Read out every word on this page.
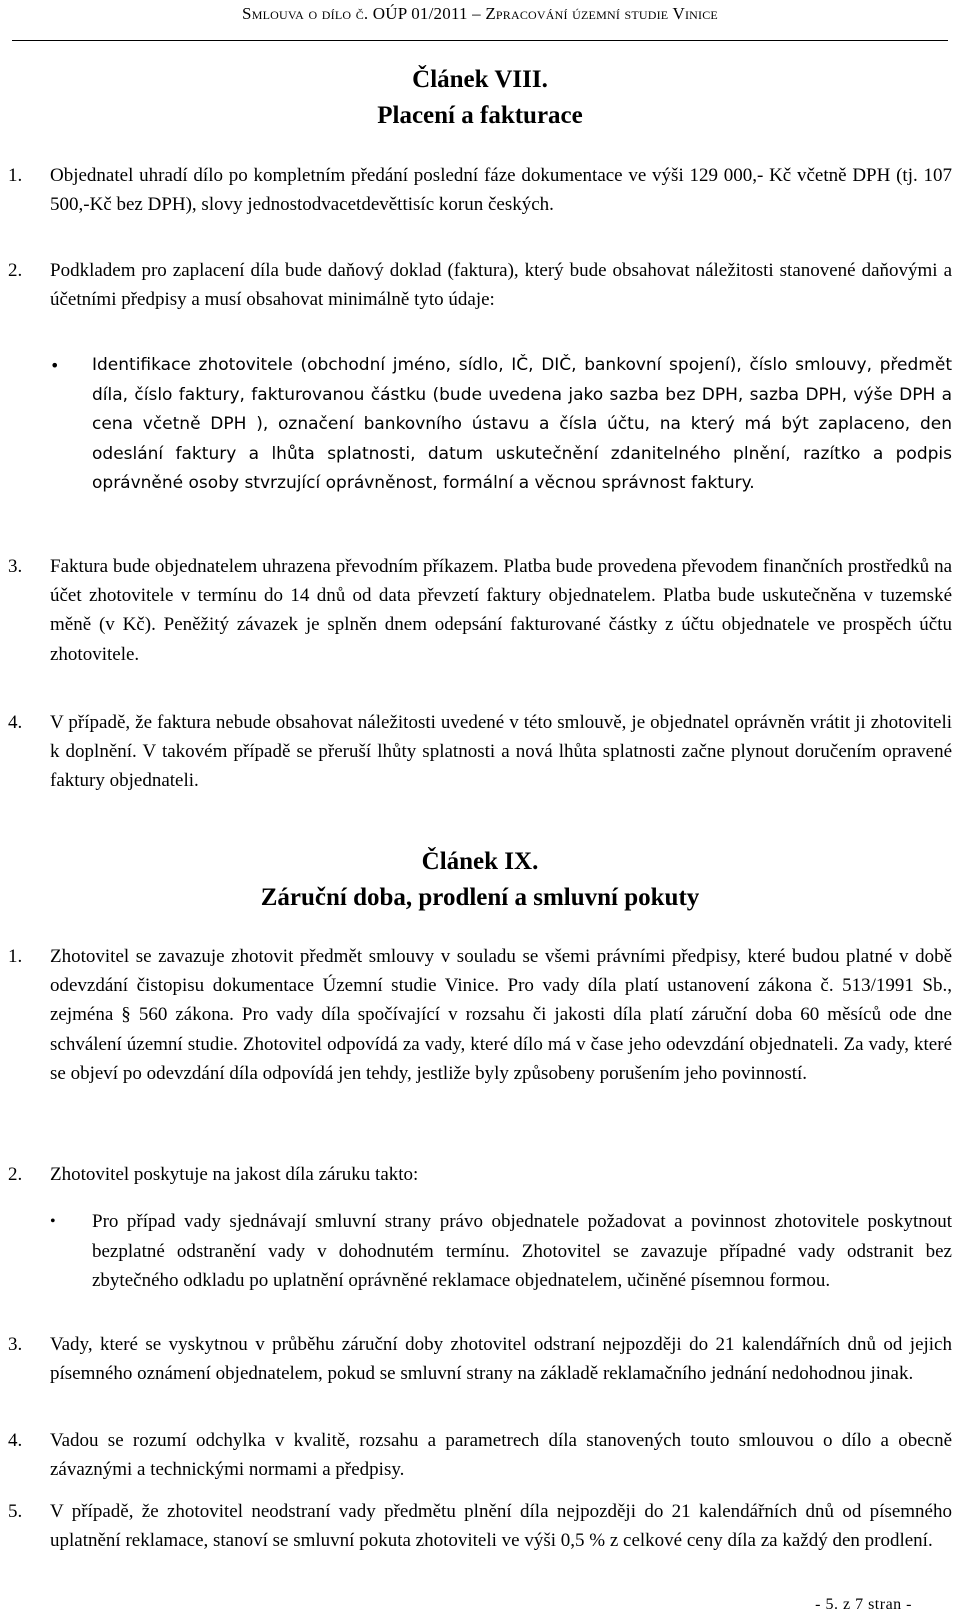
Smlouva o dílo č. OÚP 01/2011 – Zpracování územní studie Vinice
Článek VIII.
Placení a fakturace
1. Objednatel uhradí dílo po kompletním předání poslední fáze dokumentace ve výši 129 000,- Kč včetně DPH (tj. 107 500,-Kč bez DPH), slovy jednostodvacetdevěttisíc korun českých.
2. Podkladem pro zaplacení díla bude daňový doklad (faktura), který bude obsahovat náležitosti stanovené daňovými a účetními předpisy a musí obsahovat minimálně tyto údaje:
• Identifikace zhotovitele (obchodní jméno, sídlo, IČ, DIČ, bankovní spojení), číslo smlouvy, předmět díla, číslo faktury, fakturovanou částku (bude uvedena jako sazba bez DPH, sazba DPH, výše DPH a cena včetně DPH ), označení bankovního ústavu a čísla účtu, na který má být zaplaceno, den odeslání faktury a lhůta splatnosti, datum uskutečnění zdanitelného plnění, razítko a podpis oprávněné osoby stvrzující oprávněnost, formální a věcnou správnost faktury.
3. Faktura bude objednatelem uhrazena převodním příkazem. Platba bude provedena převodem finančních prostředků na účet zhotovitele v termínu do 14 dnů od data převzetí faktury objednatelem. Platba bude uskutečněna v tuzemské měně (v Kč). Peněžitý závazek je splněn dnem odepsání fakturované částky z účtu objednatele ve prospěch účtu zhotovitele.
4. V případě, že faktura nebude obsahovat náležitosti uvedené v této smlouvě, je objednatel oprávněn vrátit ji zhotoviteli k doplnění. V takovém případě se přeruší lhůty splatnosti a nová lhůta splatnosti začne plynout doručením opravené faktury objednateli.
Článek IX.
Záruční doba, prodlení a smluvní pokuty
1. Zhotovitel se zavazuje zhotovit předmět smlouvy v souladu se všemi právními předpisy, které budou platné v době odevzdání čistopisu dokumentace Územní studie Vinice. Pro vady díla platí ustanovení zákona č. 513/1991 Sb., zejména § 560 zákona. Pro vady díla spočívající v rozsahu či jakosti díla platí záruční doba 60 měsíců ode dne schválení územní studie. Zhotovitel odpovídá za vady, které dílo má v čase jeho odevzdání objednateli. Za vady, které se objeví po odevzdání díla odpovídá jen tehdy, jestliže byly způsobeny porušením jeho povinností.
2. Zhotovitel poskytuje na jakost díla záruku takto:
• Pro případ vady sjednávají smluvní strany právo objednatele požadovat a povinnost zhotovitele poskytnout bezplatné odstranění vady v dohodnutém termínu. Zhotovitel se zavazuje případné vady odstranit bez zbytečného odkladu po uplatnění oprávněné reklamace objednatelem, učiněné písemnou formou.
3. Vady, které se vyskytnou v průběhu záruční doby zhotovitel odstraní nejpozději do 21 kalendářních dnů od jejich písemného oznámení objednatelem, pokud se smluvní strany na základě reklamačního jednání nedohodnou jinak.
4. Vadou se rozumí odchylka v kvalitě, rozsahu a parametrech díla stanovených touto smlouvou o dílo a obecně závaznými a technickými normami a předpisy.
5. V případě, že zhotovitel neodstraní vady předmětu plnění díla nejpozději do 21 kalendářních dnů od písemného uplatnění reklamace, stanoví se smluvní pokuta zhotoviteli ve výši 0,5 % z celkové ceny díla za každý den prodlení.
- 5. z 7 stran -
